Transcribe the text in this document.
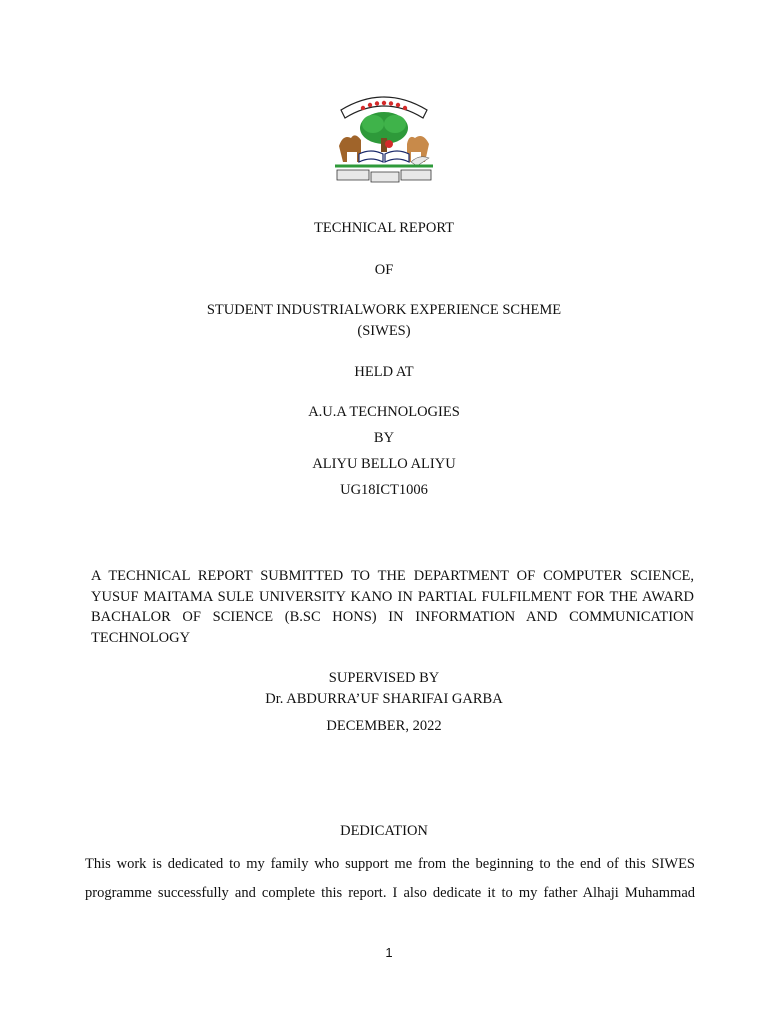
TECHNICAL REPORT
OF
STUDENT INDUSTRIALWORK EXPERIENCE SCHEME
(SIWES)
HELD AT
A.U.A TECHNOLOGIES
BY
ALIYU BELLO ALIYU
UG18ICT1006
A TECHNICAL REPORT SUBMITTED TO THE DEPARTMENT OF COMPUTER SCIENCE, YUSUF MAITAMA SULE UNIVERSITY KANO IN PARTIAL FULFILMENT FOR THE AWARD BACHALOR OF SCIENCE (B.SC HONS) IN INFORMATION AND COMMUNICATION TECHNOLOGY
SUPERVISED BY
Dr. ABDURRA’UF SHARIFAI GARBA
DECEMBER, 2022
DEDICATION
This work is dedicated to my family who support me from the beginning to the end of this SIWES programme successfully and complete this report. I also dedicate it to my father Alhaji Muhammad
1
